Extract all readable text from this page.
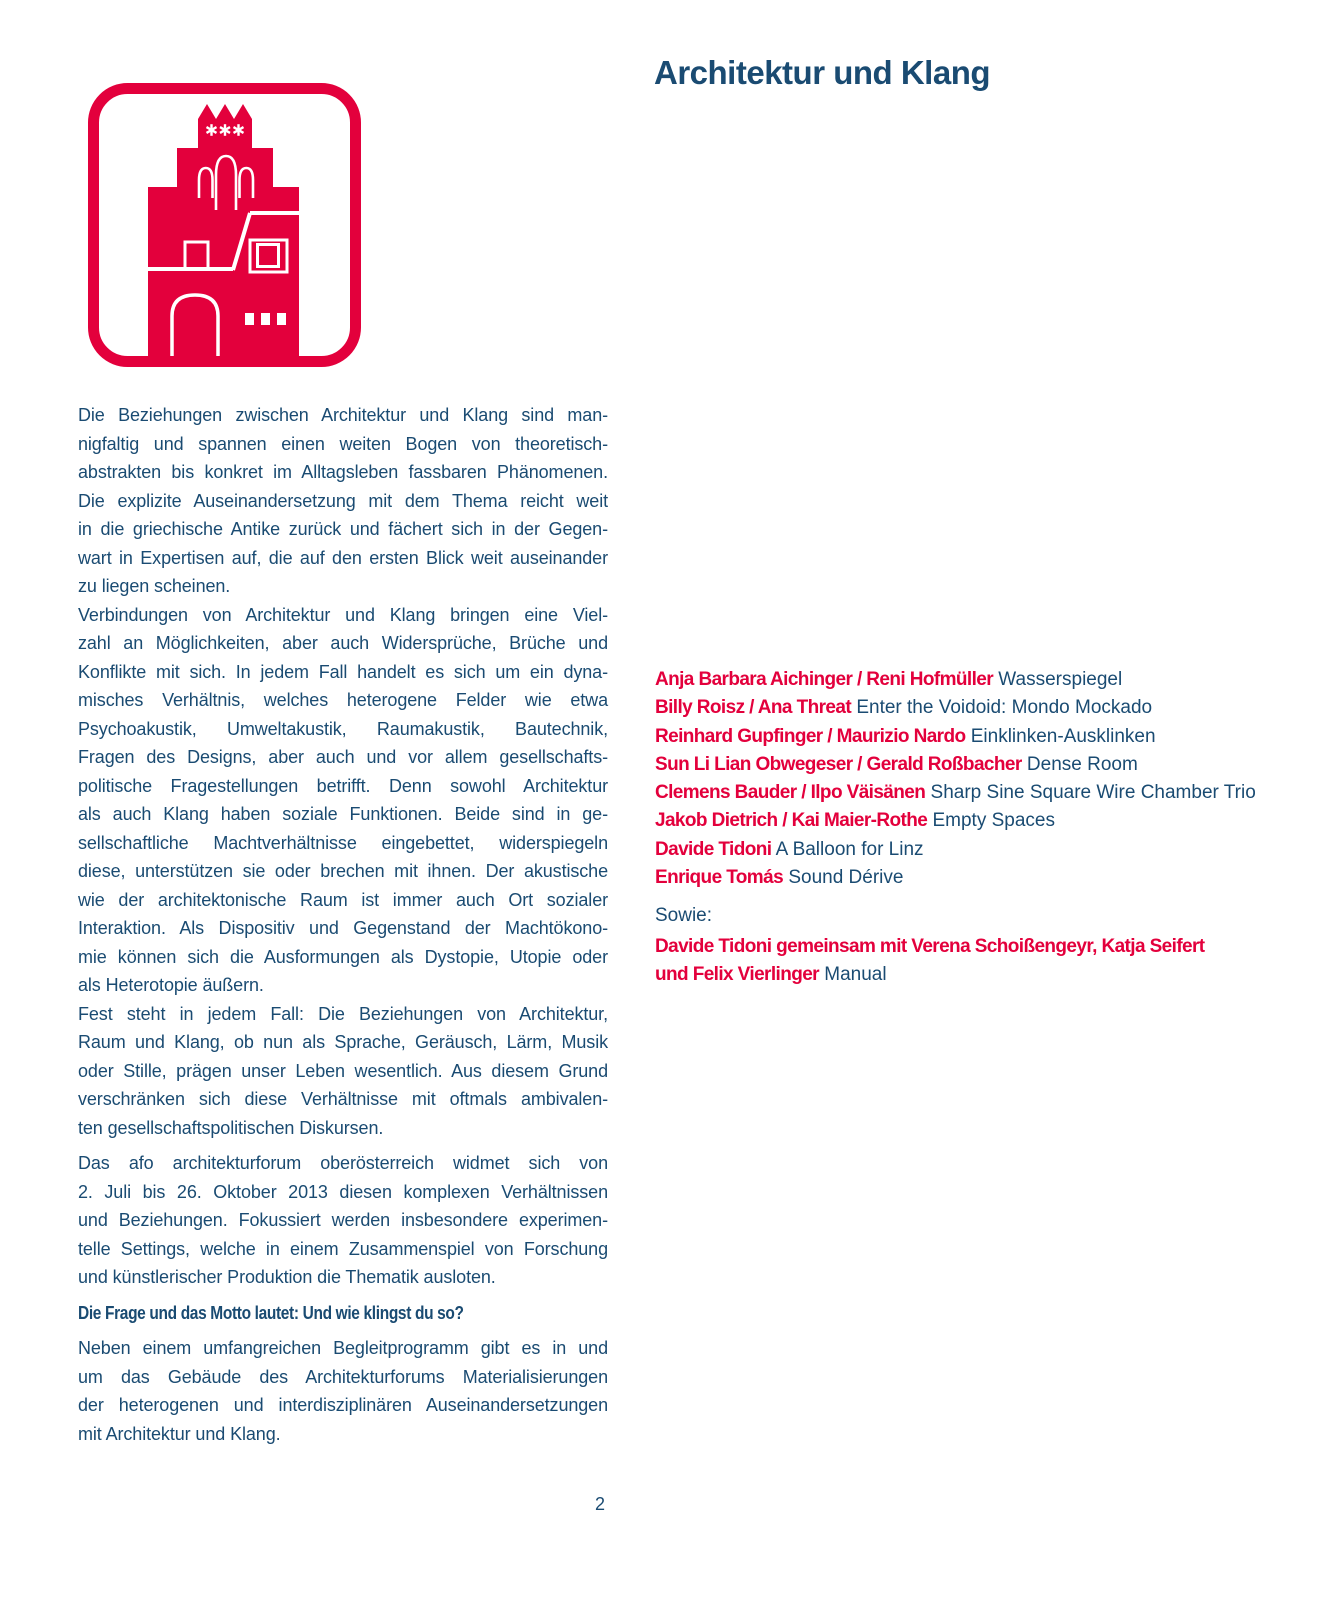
Architektur und Klang
Die Beziehungen zwischen Architektur und Klang sind man-
nigfaltig und spannen einen weiten Bogen von theoretisch-
abstrakten bis konkret im Alltagsleben fassbaren Phänomenen.
Die explizite Auseinandersetzung mit dem Thema reicht weit
in die griechische Antike zurück und fächert sich in der Gegen-
wart in Expertisen auf, die auf den ersten Blick weit auseinander
zu liegen scheinen.
Verbindungen von Architektur und Klang bringen eine Viel-
zahl an Möglichkeiten, aber auch Widersprüche, Brüche und
Konflikte mit sich. In jedem Fall handelt es sich um ein dyna-
misches Verhältnis, welches heterogene Felder wie etwa
Psychoakustik, Umweltakustik, Raumakustik, Bautechnik,
Fragen des Designs, aber auch und vor allem gesellschafts-
politische Fragestellungen betrifft. Denn sowohl Architektur
als auch Klang haben soziale Funktionen. Beide sind in ge-
sellschaftliche Machtverhältnisse eingebettet, widerspiegeln
diese, unterstützen sie oder brechen mit ihnen. Der akustische
wie der architektonische Raum ist immer auch Ort sozialer
Interaktion. Als Dispositiv und Gegenstand der Machtökono-
mie können sich die Ausformungen als Dystopie, Utopie oder
als Heterotopie äußern.
Fest steht in jedem Fall: Die Beziehungen von Architektur,
Raum und Klang, ob nun als Sprache, Geräusch, Lärm, Musik
oder Stille, prägen unser Leben wesentlich. Aus diesem Grund
verschränken sich diese Verhältnisse mit oftmals ambivalen-
ten gesellschaftspolitischen Diskursen.
Das afo architekturforum oberösterreich widmet sich von
2. Juli bis 26. Oktober 2013 diesen komplexen Verhältnissen
und Beziehungen. Fokussiert werden insbesondere experimen-
telle Settings, welche in einem Zusammenspiel von Forschung
und künstlerischer Produktion die Thematik ausloten.
Die Frage und das Motto lautet: Und wie klingst du so?
Neben einem umfangreichen Begleitprogramm gibt es in und
um das Gebäude des Architekturforums Materialisierungen
der heterogenen und interdisziplinären Auseinandersetzungen
mit Architektur und Klang.
Anja Barbara Aichinger / Reni Hofmüller Wasserspiegel
Billy Roisz / Ana Threat Enter the Voidoid: Mondo Mockado
Reinhard Gupfinger / Maurizio Nardo Einklinken-Ausklinken
Sun Li Lian Obwegeser / Gerald Roßbacher Dense Room
Clemens Bauder / Ilpo Väisänen Sharp Sine Square Wire Chamber Trio
Jakob Dietrich / Kai Maier-Rothe Empty Spaces
Davide Tidoni A Balloon for Linz
Enrique Tomás Sound Dérive
Sowie:
Davide Tidoni gemeinsam mit Verena Schoißengeyr, Katja Seifert
und Felix Vierlinger Manual
2
